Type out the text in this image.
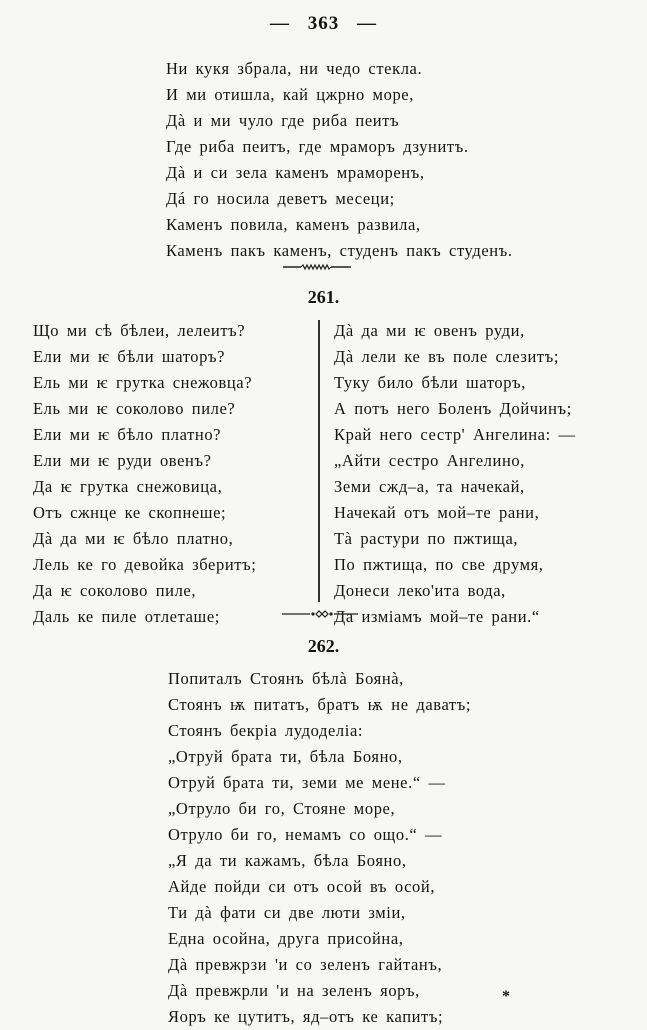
— 363 —
Ни кукя збрала, ни чедо стекла.
И ми отишла, кай цжрно море,
Дà и ми чуло где риба пеитъ
Где риба пеитъ, где мраморъ дзунитъ.
Дà и си зела каменъ мраморенъ,
Дá го носила деветъ месеци;
Каменъ повила, каменъ развила,
Каменъ пакъ каменъ, студенъ пакъ студенъ.
261.
Що ми сѣ бѣлеи, лелеитъ?
Ели ми ѥ бѣли шаторъ?
Ель ми ѥ грутка снежовца?
Ель ми ѥ соколово пиле?
Ели ми ѥ бѣло платно?
Ели ми ѥ руди овенъ?
Да ѥ грутка снежовица,
Отъ сжнце ке скопнеше;
Дà да ми ѥ бѣло платно,
Лель ке го девойка зберитъ;
Да ѥ соколово пиле,
Даль ке пиле отлеташе;
Дà да ми ѥ овенъ руди,
Дà лели ке въ поле слезитъ;
Туку било бѣли шаторъ,
А потъ него Боленъ Дойчинъ;
Край него сестр' Ангелина: —
„Айти сестро Ангелино,
Земи сжд–а, та начекай,
Начекай отъ мой–те рани,
Тà растури по пжтища,
По пжтища, по све друмя,
Донеси леко'ита вода,
Да измiамъ мой–те рани.“
262.
Попиталъ Стоянъ бѣлà Боянà,
Стоянъ ѭ питатъ, братъ ѭ не даватъ;
Стоянъ бекрiа лудоделiа:
„Отруй брата ти, бѣла Бояно,
Отруй брата ти, земи ме мене.“ —
„Отруло би го, Стояне море,
Отруло би го, немамъ со ощо.“ —
„Я да ти кажамъ, бѣла Бояно,
Айде пойди си отъ осой въ осой,
Ти дà фати си две люти змiи,
Една осойна, друга присойна,
Дà превжрзи 'и со зеленъ гайтанъ,
Дà превжрли 'и на зеленъ яоръ,
Яоръ ке цутитъ, яд–отъ ке капитъ;
*
